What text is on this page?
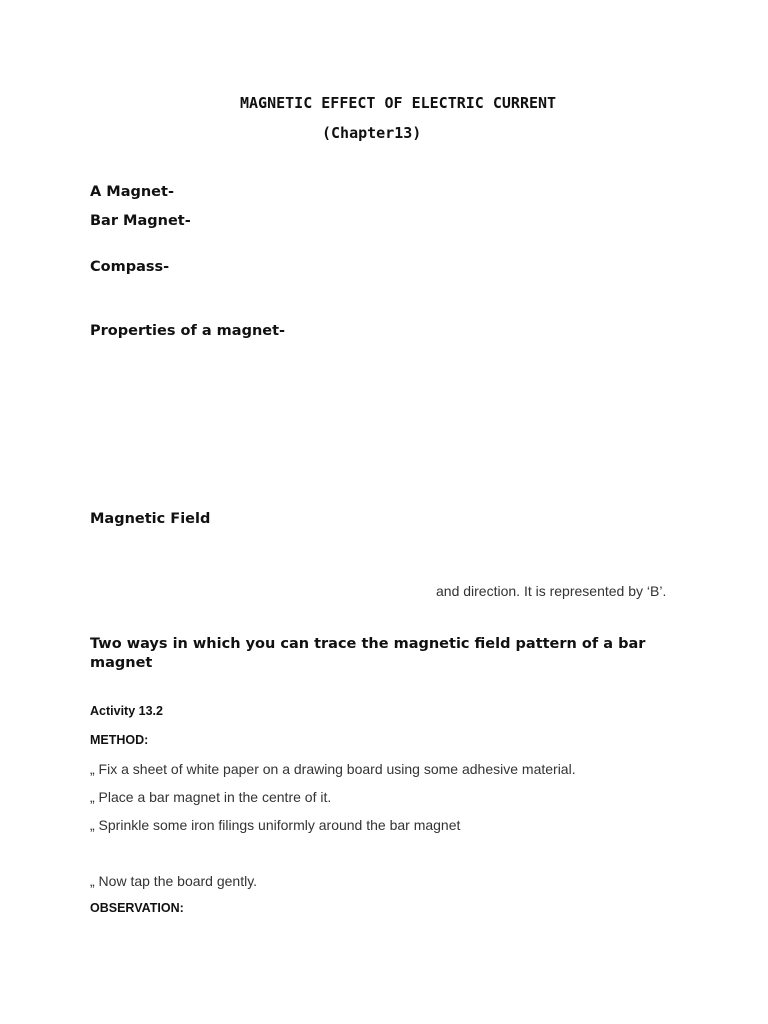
MAGNETIC EFFECT OF ELECTRIC CURRENT
(Chapter13)
A Magnet-
Bar Magnet-
Compass-
Properties of a magnet-
Magnetic Field
and direction. It is represented by ‘B’.
Two ways in which you can trace the magnetic field pattern of a bar magnet
Activity 13.2
METHOD:
„ Fix a sheet of white paper on a drawing board using some adhesive material.
„ Place a bar magnet in the centre of it.
„ Sprinkle some iron filings uniformly around the bar magnet
„ Now tap the board gently.
OBSERVATION:
